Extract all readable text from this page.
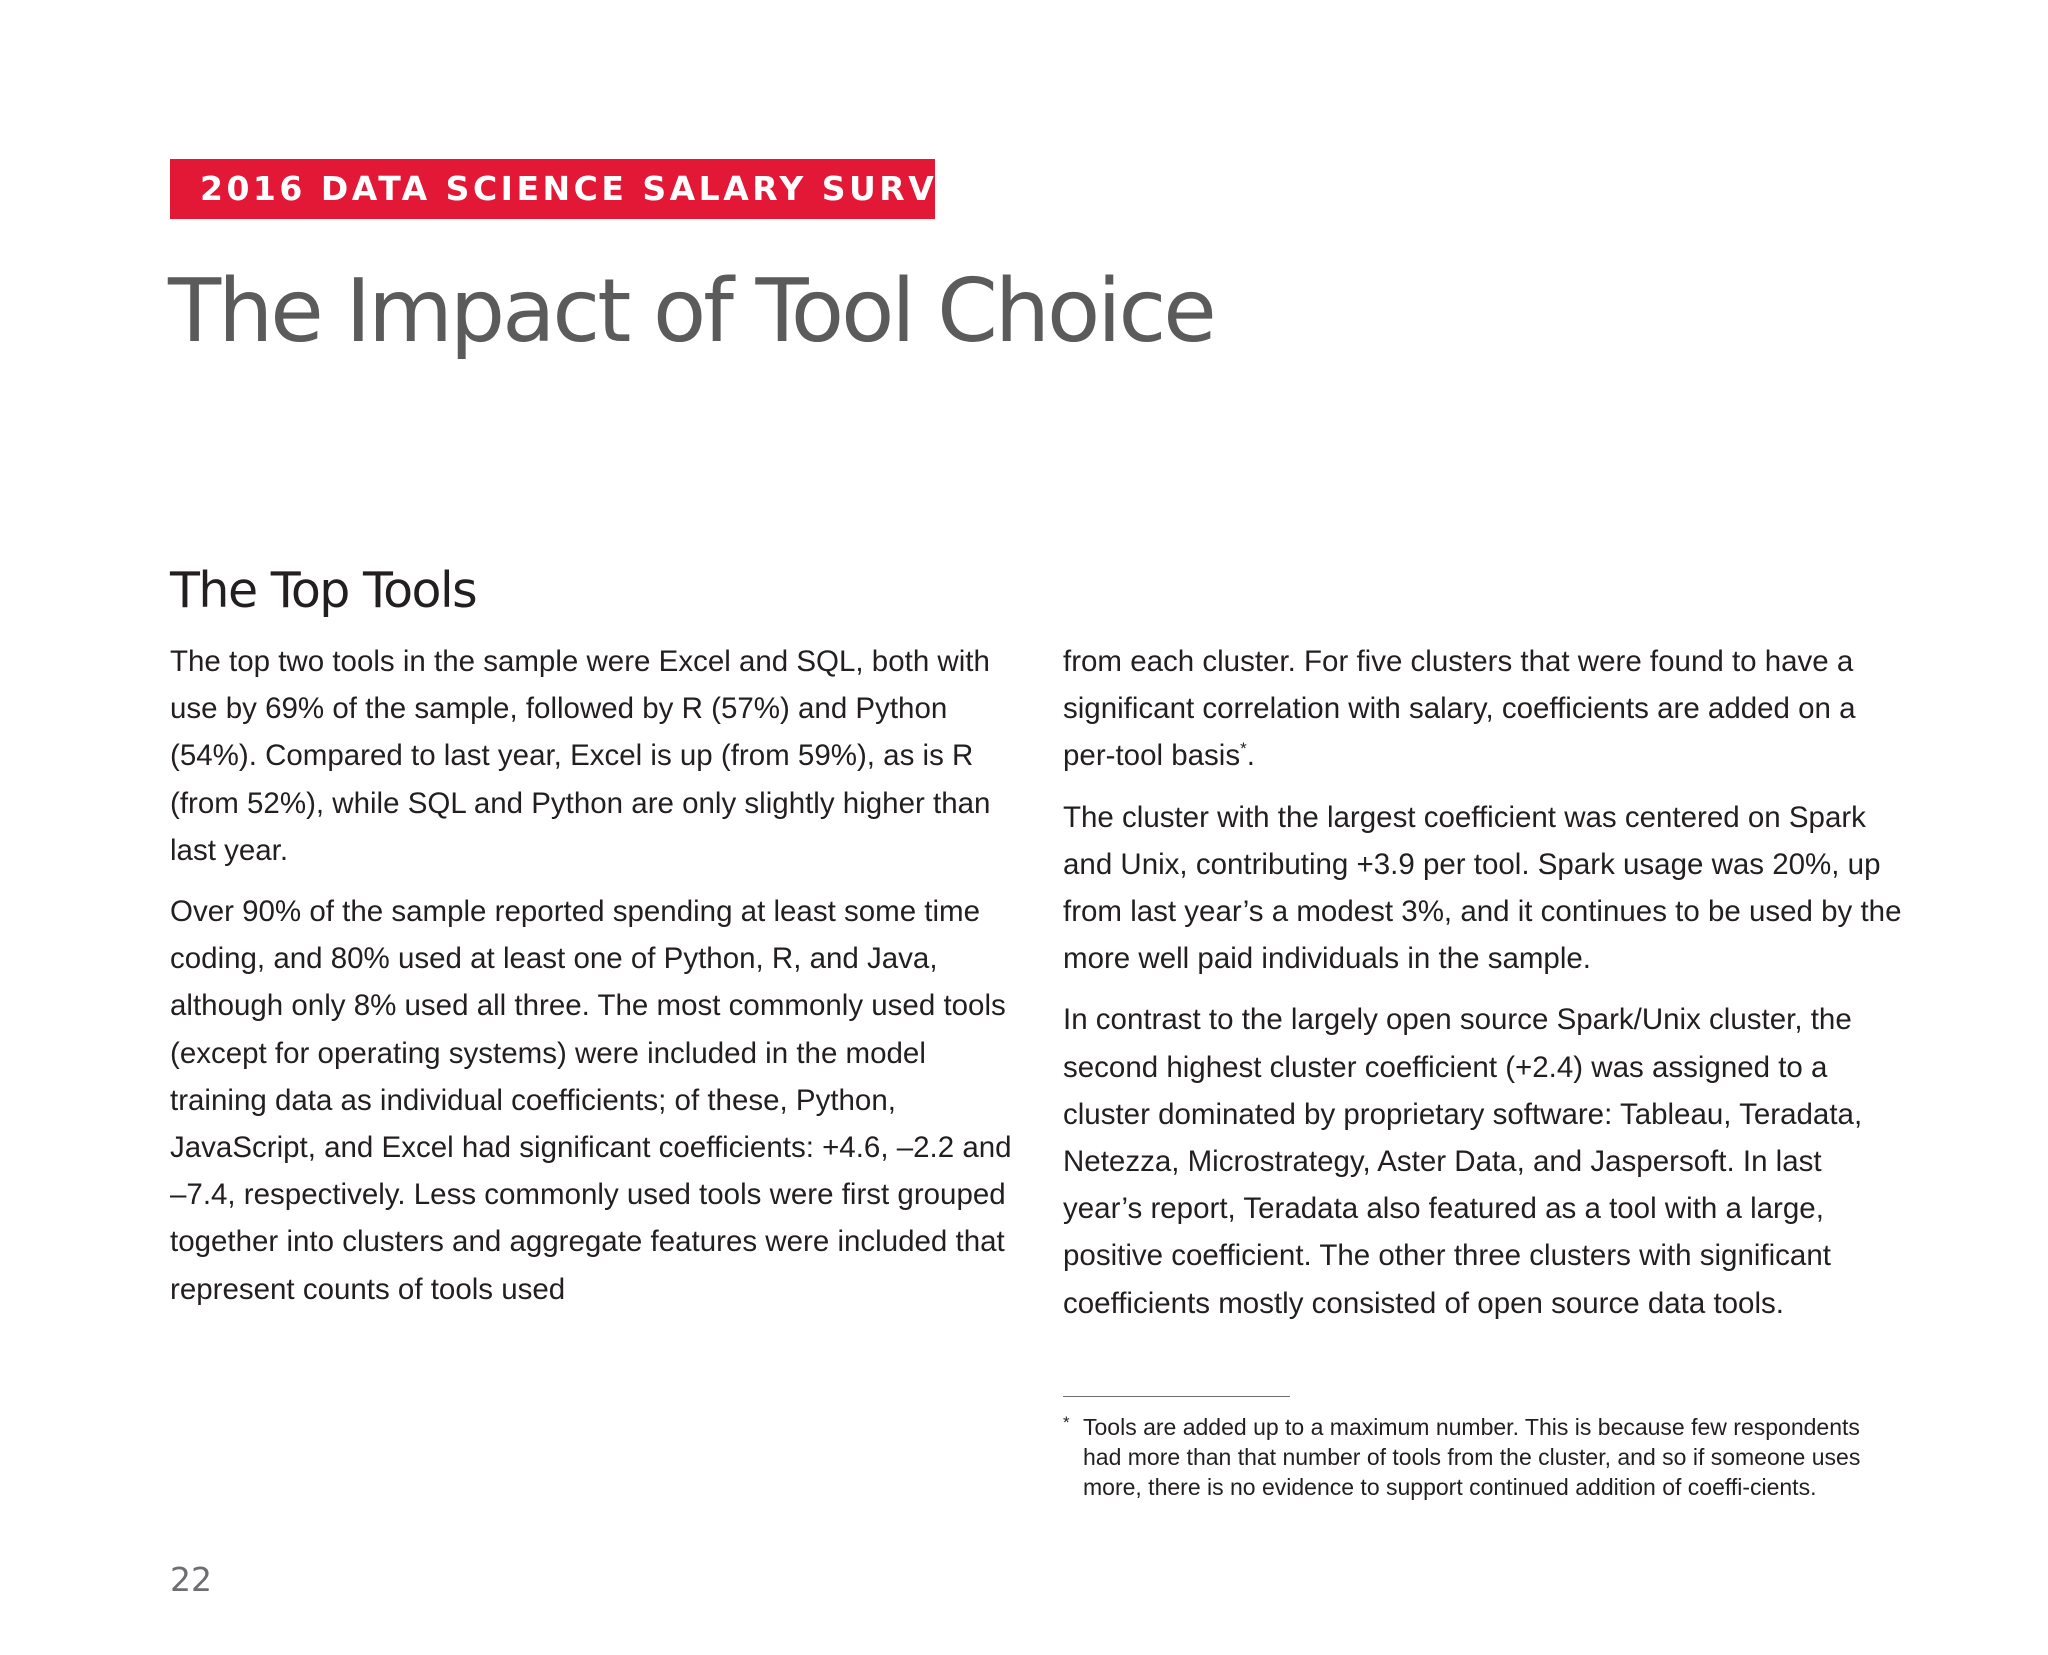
2016 DATA SCIENCE SALARY SURVEY
The Impact of Tool Choice
The Top Tools

The top two tools in the sample were Excel and SQL, both with use by 69% of the sample, followed by R (57%) and Python (54%). Compared to last year, Excel is up (from 59%), as is R (from 52%), while SQL and Python are only slightly higher than last year.

Over 90% of the sample reported spending at least some time coding, and 80% used at least one of Python, R, and Java, although only 8% used all three. The most commonly used tools (except for operating systems) were included in the model training data as individual coefficients; of these, Python, JavaScript, and Excel had significant coefficients: +4.6, –2.2 and –7.4, respectively. Less commonly used tools were first grouped together into clusters and aggregate features were included that represent counts of tools used

from each cluster. For five clusters that were found to have a significant correlation with salary, coefficients are added on a per-tool basis*.

The cluster with the largest coefficient was centered on Spark and Unix, contributing +3.9 per tool. Spark usage was 20%, up from last year’s a modest 3%, and it continues to be used by the more well paid individuals in the sample.

In contrast to the largely open source Spark/Unix cluster, the second highest cluster coefficient (+2.4) was assigned to a cluster dominated by proprietary software: Tableau, Teradata, Netezza, Microstrategy, Aster Data, and Jaspersoft. In last year’s report, Teradata also featured as a tool with a large, positive coefficient. The other three clusters with significant coefficients mostly consisted of open source data tools.

* Tools are added up to a maximum number. This is because few respondents had more than that number of tools from the cluster, and so if someone uses more, there is no evidence to support continued addition of coeffi-cients.
22
